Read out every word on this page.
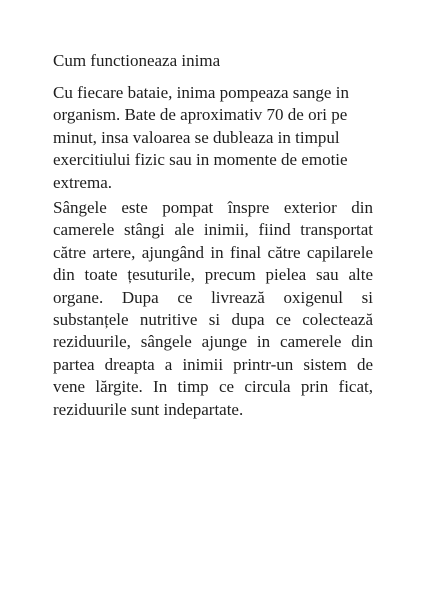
Cum functioneaza inima

Cu fiecare bataie, inima pompeaza sange in organism. Bate de aproximativ 70 de ori pe minut, insa valoarea se dubleaza in timpul exercitiului fizic sau in momente de emotie extrema.

Sângele este pompat înspre exterior din camerele stângi ale inimii, fiind transportat către artere, ajungând in final către capilarele din toate țesuturile, precum pielea sau alte organe. Dupa ce livrează oxigenul si substanțele nutritive si dupa ce colectează reziduurile, sângele ajunge in camerele din partea dreapta a inimii printr-un sistem de vene lărgite. In timp ce circula prin ficat, reziduurile sunt indepartate.
